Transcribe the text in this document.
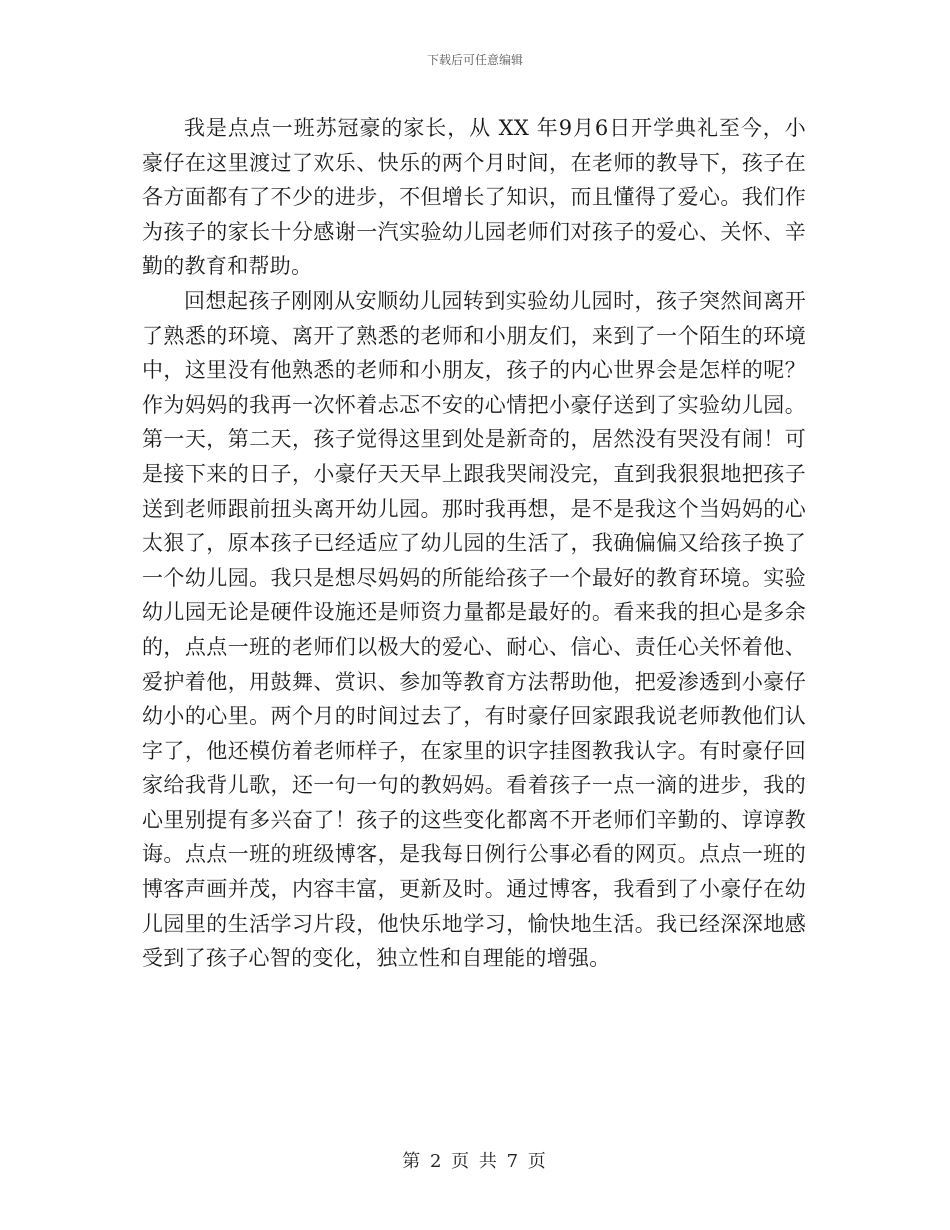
下载后可任意编辑

我是点点一班苏冠豪的家长，从 XX 年9月6日开学典礼至今，小豪仔在这里渡过了欢乐、快乐的两个月时间，在老师的教导下，孩子在各方面都有了不少的进步，不但增长了知识，而且懂得了爱心。我们作为孩子的家长十分感谢一汽实验幼儿园老师们对孩子的爱心、关怀、辛勤的教育和帮助。

回想起孩子刚刚从安顺幼儿园转到实验幼儿园时，孩子突然间离开了熟悉的环境、离开了熟悉的老师和小朋友们，来到了一个陌生的环境中，这里没有他熟悉的老师和小朋友，孩子的内心世界会是怎样的呢？作为妈妈的我再一次怀着忐忑不安的心情把小豪仔送到了实验幼儿园。第一天，第二天，孩子觉得这里到处是新奇的，居然没有哭没有闹！可是接下来的日子，小豪仔天天早上跟我哭闹没完，直到我狠狠地把孩子送到老师跟前扭头离开幼儿园。那时我再想，是不是我这个当妈妈的心太狠了，原本孩子已经适应了幼儿园的生活了，我确偏偏又给孩子换了一个幼儿园。我只是想尽妈妈的所能给孩子一个最好的教育环境。实验幼儿园无论是硬件设施还是师资力量都是最好的。看来我的担心是多余的，点点一班的老师们以极大的爱心、耐心、信心、责任心关怀着他、爱护着他，用鼓舞、赏识、参加等教育方法帮助他，把爱渗透到小豪仔幼小的心里。两个月的时间过去了，有时豪仔回家跟我说老师教他们认字了，他还模仿着老师样子，在家里的识字挂图教我认字。有时豪仔回家给我背儿歌，还一句一句的教妈妈。看着孩子一点一滴的进步，我的心里别提有多兴奋了！孩子的这些变化都离不开老师们辛勤的、谆谆教诲。点点一班的班级博客，是我每日例行公事必看的网页。点点一班的博客声画并茂，内容丰富，更新及时。通过博客，我看到了小豪仔在幼儿园里的生活学习片段，他快乐地学习，愉快地生活。我已经深深地感受到了孩子心智的变化，独立性和自理能的增强。

第 2 页 共 7 页
